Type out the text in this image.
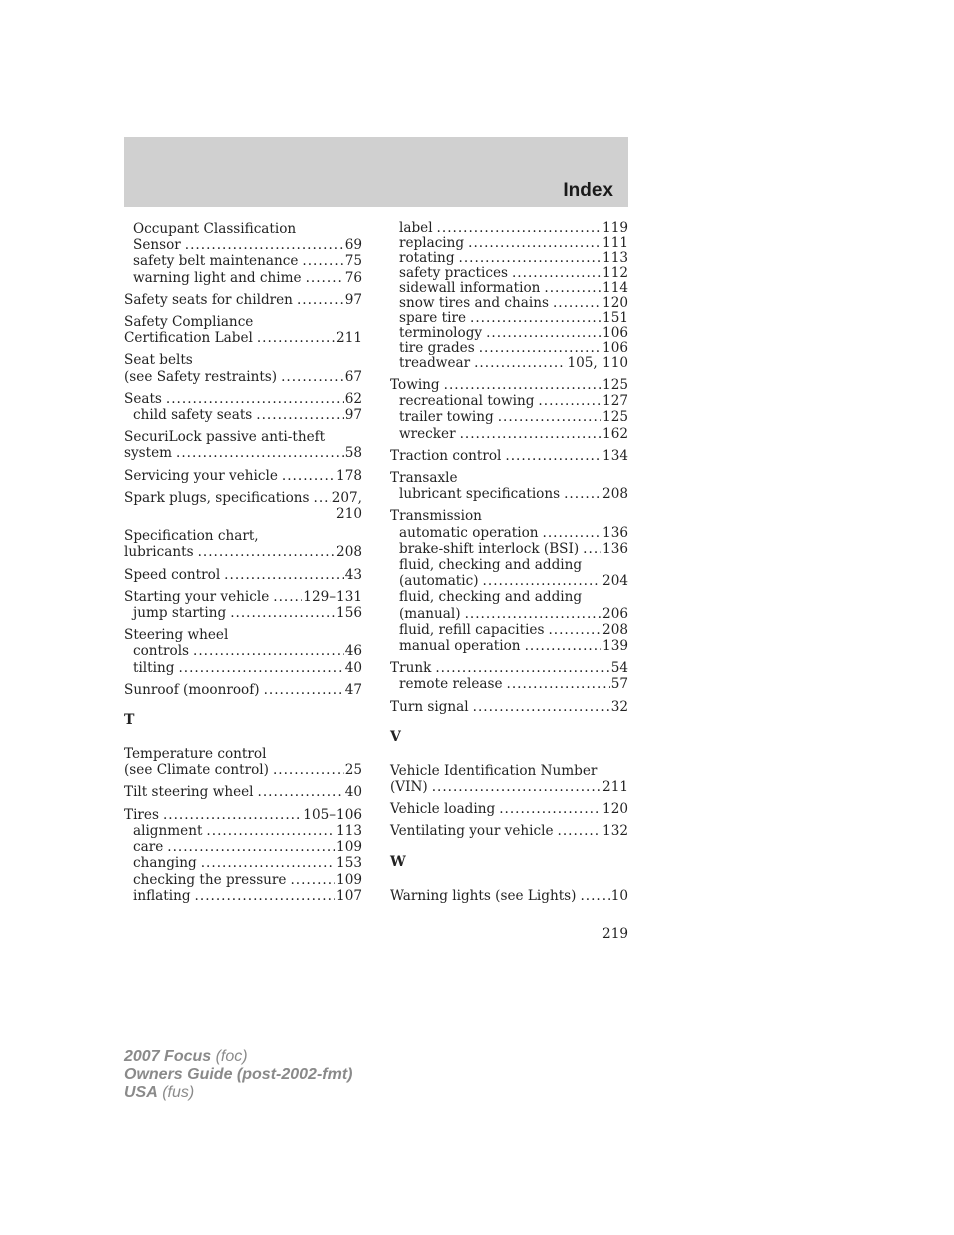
Index
Occupant Classification
Sensor .....	69
safety belt maintenance .....	75
warning light and chime .....	76
Safety seats for children .....	97
Safety Compliance
Certification Label .....	211
Seat belts
(see Safety restraints) .....	67
Seats .....	62
child safety seats .....	97
SecuriLock passive anti-theft
system .....	58
Servicing your vehicle .....	178
Spark plugs, specifications ..... 207,
210
Specification chart,
lubricants .....	208
Speed control .....	43
Starting your vehicle .....	129–131
jump starting .....	156
Steering wheel
controls .....	46
tilting .....	40
Sunroof (moonroof) .....	47
T
Temperature control
(see Climate control) .....	25
Tilt steering wheel .....	40
Tires .....	105–106
alignment .....	113
care .....	109
changing .....	153
checking the pressure .....	109
inflating .....	107
label .....	119
replacing .....	111
rotating .....	113
safety practices .....	112
sidewall information .....	114
snow tires and chains .....	120
spare tire .....	151
terminology .....	106
tire grades .....	106
treadwear .....	105, 110
Towing .....	125
recreational towing .....	127
trailer towing .....	125
wrecker .....	162
Traction control .....	134
Transaxle
lubricant specifications .....	208
Transmission
automatic operation .....	136
brake-shift interlock (BSI) ..... 136
fluid, checking and adding
(automatic) .....	204
fluid, checking and adding
(manual) .....	206
fluid, refill capacities .....	208
manual operation .....	139
Trunk .....	54
remote release .....	57
Turn signal .....	32
V
Vehicle Identification Number
(VIN) .....	211
Vehicle loading .....	120
Ventilating your vehicle .....	132
W
Warning lights (see Lights) .....	10
219
2007 Focus (foc)
Owners Guide (post-2002-fmt)
USA (fus)
